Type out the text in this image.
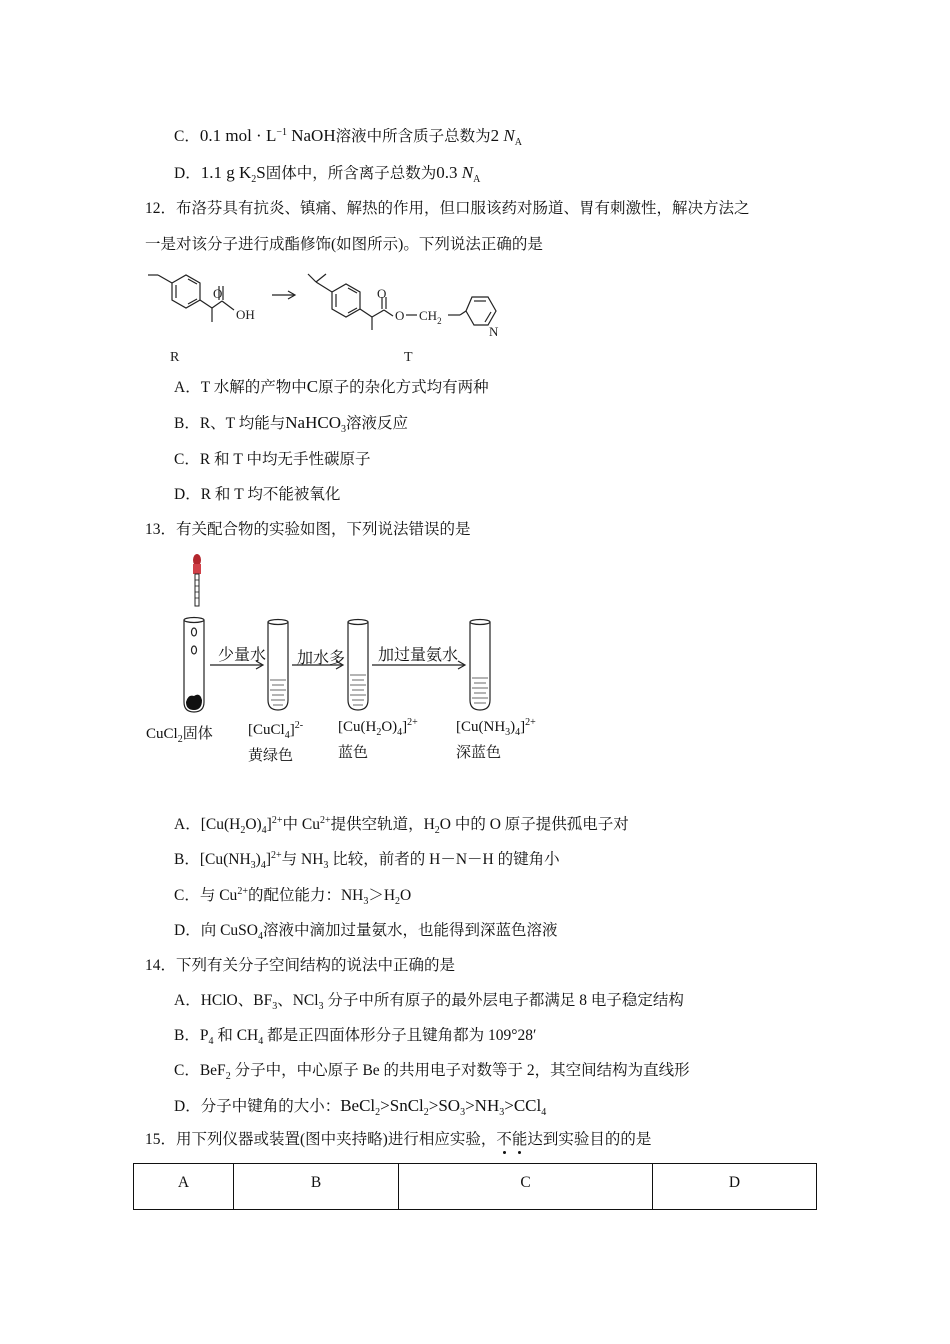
C．0.1 mol · $L^{-1}$ NaOH溶液中所含质子总数为2 $N_A$
D．1.1 g $K_2S$固体中，所含离子总数为0.3 $N_A$
12．布洛芬具有抗炎、镇痛、解热的作用，但口服该药对肠道、胃有刺激性，解决方法之
一是对该分子进行成酯修饰(如图所示)。下列说法正确的是
O
OH
O
O $CH_2$
N
R	T
A．T 水解的产物中C原子的杂化方式均有两种
B．R、T 均能与NaHCO$_3$溶液反应
C．R 和 T 中均无手性碳原子
D．R 和 T 均不能被氧化
13．有关配合物的实验如图，下列说法错误的是
少量水 加水多 加过量氨水
CuCl$_2$固体 [CuCl$_4$]$^{2-}$
黄绿色
$[Cu(H_2O)_4]^{2+}$
蓝色
$[Cu(NH_3)_4]^{2+}$
深蓝色
A．$[Cu(H_2O)_4]^{2+}$中 $Cu^{2+}$提供空轨道，$H_2O$ 中的 O 原子提供孤电子对
B．$[Cu(NH_3)_4]^{2+}$与 $NH_3$ 比较，前者的 H－N－H 的键角小
C．与 $Cu^{2+}$的配位能力：$NH_3>H_2O$
D．向 CuSO$_4$溶液中滴加过量氨水，也能得到深蓝色溶液
14．下列有关分子空间结构的说法中正确的是
A．HClO、$BF_3$、NCl$_3$ 分子中所有原子的最外层电子都满足 8 电子稳定结构
B．$P_4$ 和 $CH_4$ 都是正四面体形分子且键角都为 109°28′
C．BeF$_2$ 分子中，中心原子 Be 的共用电子对数等于 2，其空间结构为直线形
D．分子中键角的大小：$BeCl_2>SnCl_2>SO_3>NH_3>CCl_4$
15．用下列仪器或装置(图中夹持略)进行相应实验，不能达到实验目的的是
A	B	C	D
